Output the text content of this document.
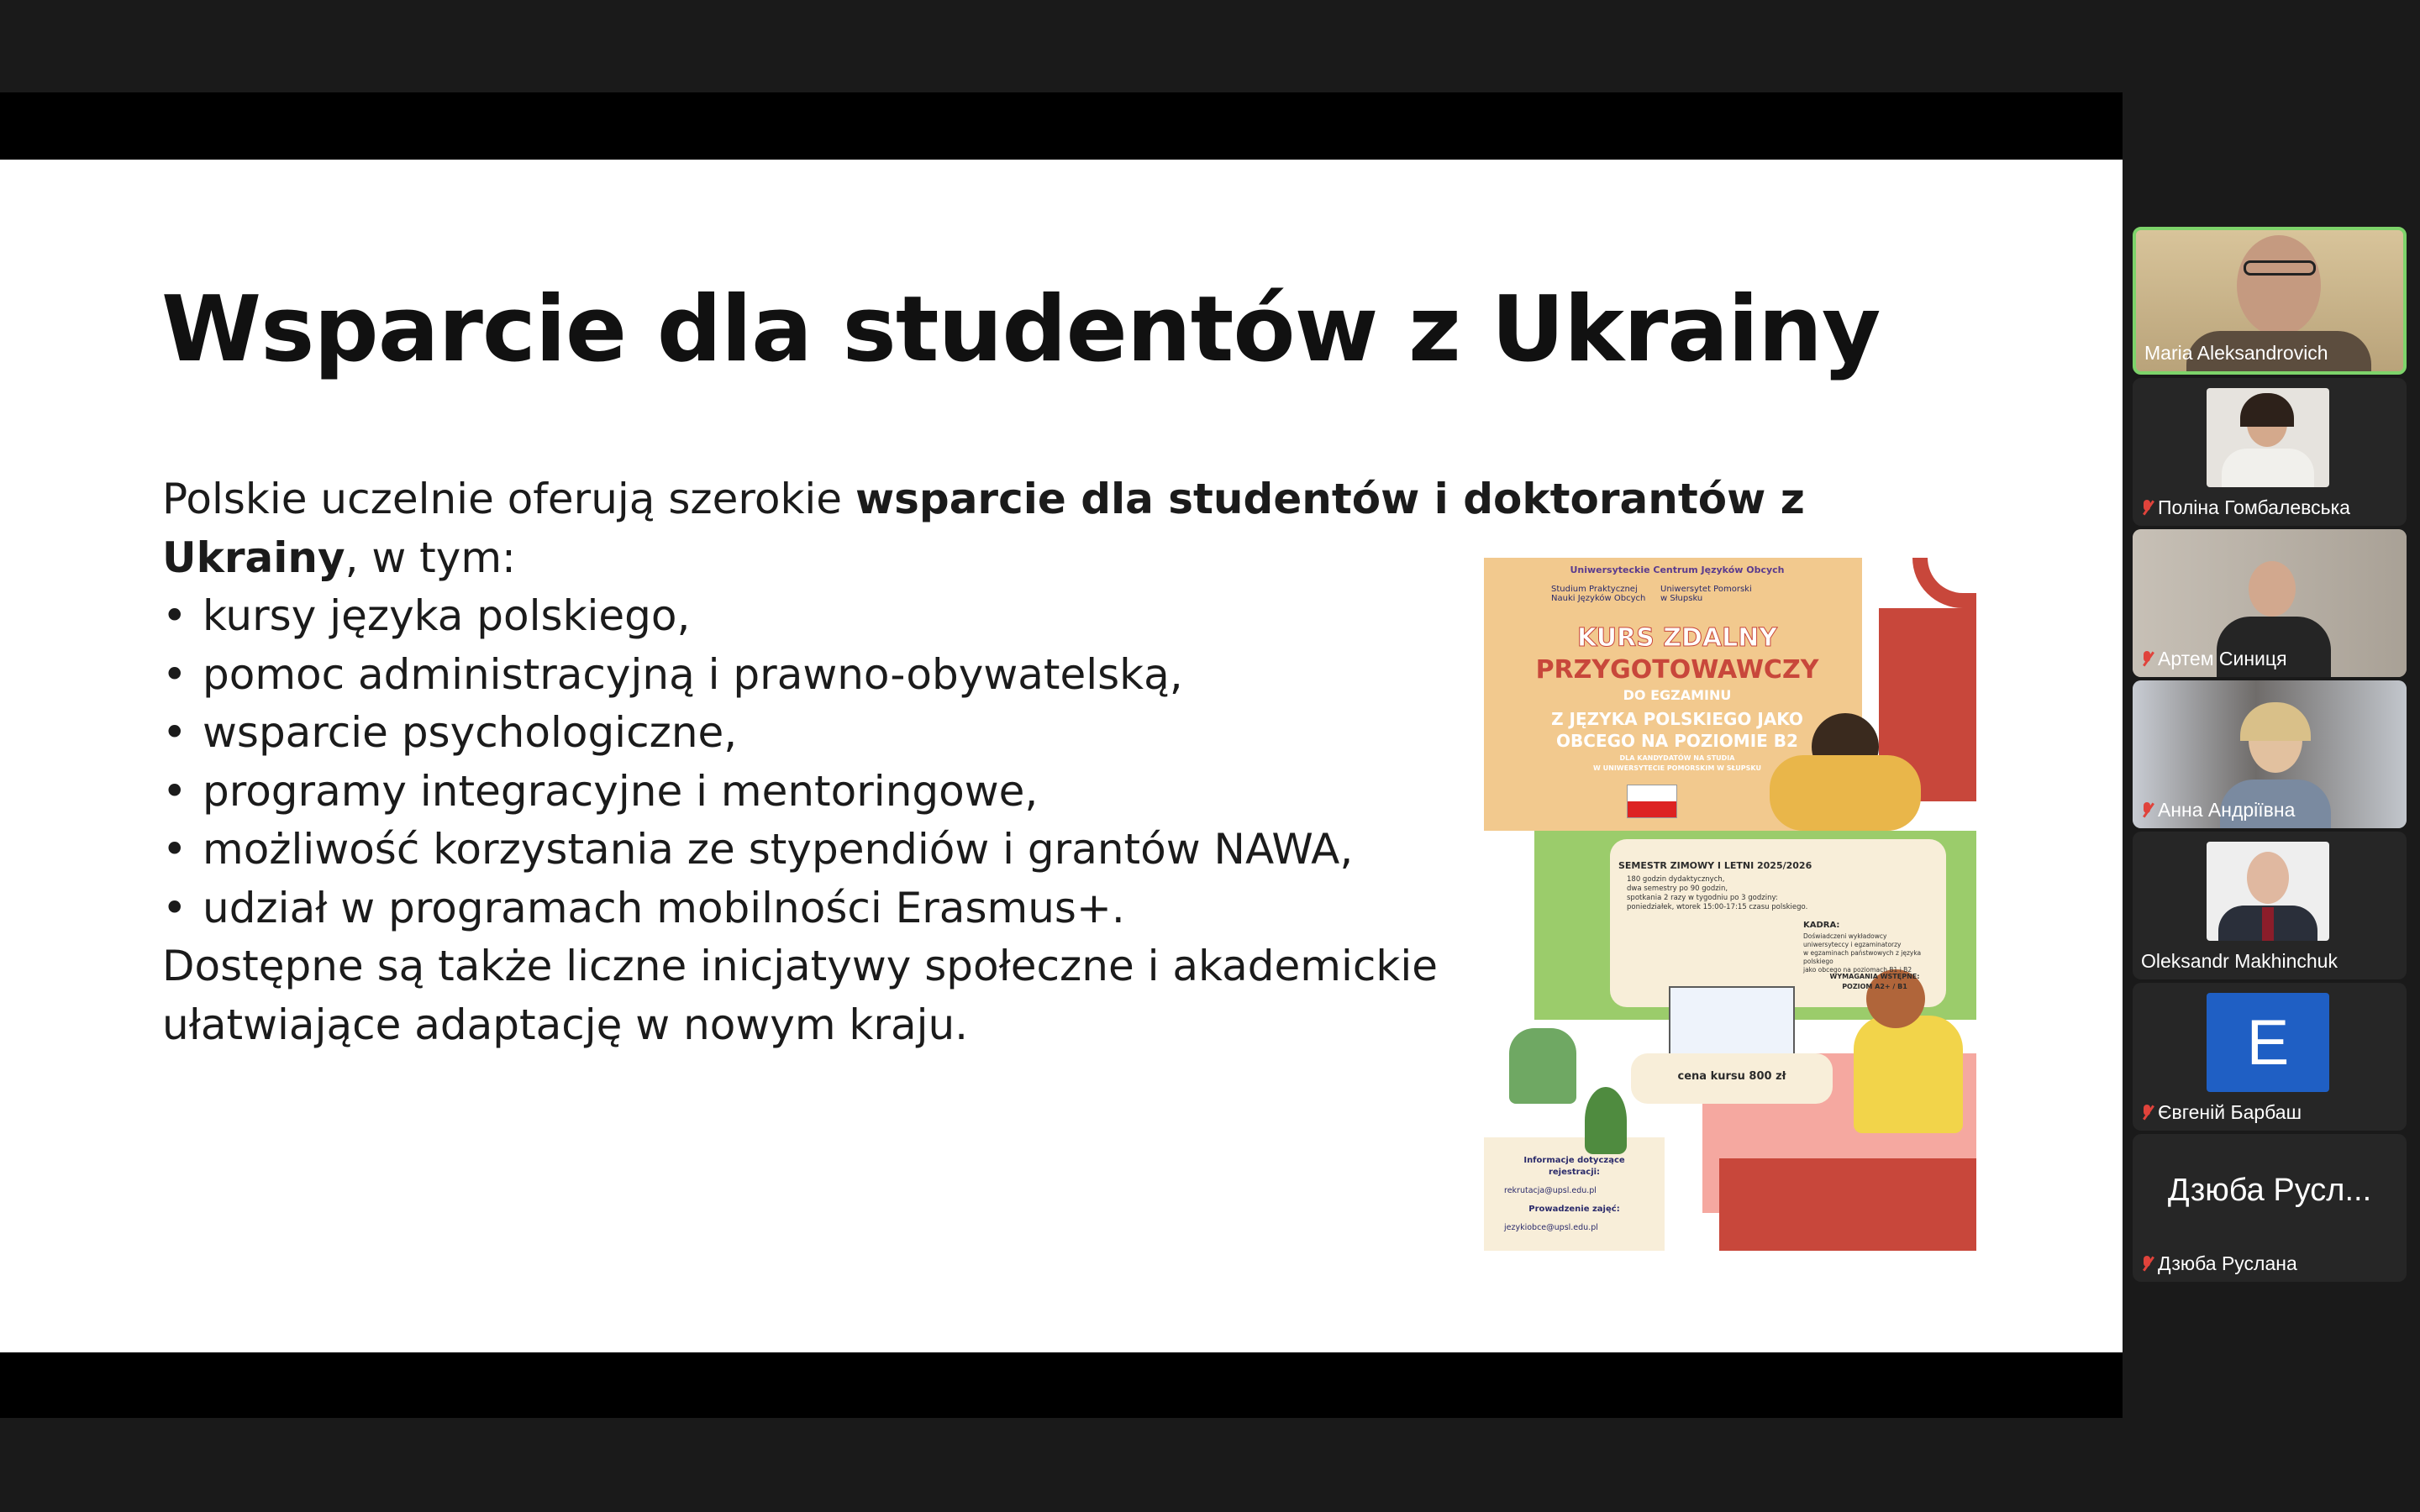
Wsparcie dla studentów z Ukrainy

Polskie uczelnie oferują szerokie wsparcie dla studentów i doktorantów z Ukrainy, w tym:

• kursy języka polskiego,
• pomoc administracyjną i prawno-obywatelską,
• wsparcie psychologiczne,
• programy integracyjne i mentoringowe,
• możliwość korzystania ze stypendiów i grantów NAWA,
• udział w programach mobilności Erasmus+.

Dostępne są także liczne inicjatywy społeczne i akademickie

ułatwiające adaptację w nowym kraju.

Uniwersyteckie Centrum Języków Obcych
Studium Praktycznej Nauki Języków Obcych
Uniwersytet Pomorski w Słupsku
KURS ZDALNY
PRZYGOTOWAWCZY
DO EGZAMINU
Z JĘZYKA POLSKIEGO JAKO
OBCEGO NA POZIOMIE B2
DLA KANDYDATÓW NA STUDIA
W UNIWERSYTECIE POMORSKIM W SŁUPSKU
SEMESTR ZIMOWY I LETNI 2025/2026
180 godzin dydaktycznych,
dwa semestry po 90 godzin,
spotkania 2 razy w tygodniu po 3 godziny:
poniedziałek, wtorek 15:00-17:15 czasu polskiego.
KADRA:
Doświadczeni wykładowcy
uniwersyteccy i egzaminatorzy
w egzaminach państwowych z języka polskiego
jako obcego na poziomach B1 i B2
WYMAGANIA WSTĘPNE:
POZIOM A2+ / B1
cena kursu 800 zł
Informacje dotyczące
rejestracji:
rekrutacja@upsl.edu.pl
Prowadzenie zajęć:
jezykiobce@upsl.edu.pl
Maria Aleksandrovich
Поліна Гомбалевська
Артем Синиця
Анна Андріївна
Oleksandr Makhinchuk
E
Євгеній Барбаш
Дзюба Русл...
Дзюба Руслана
